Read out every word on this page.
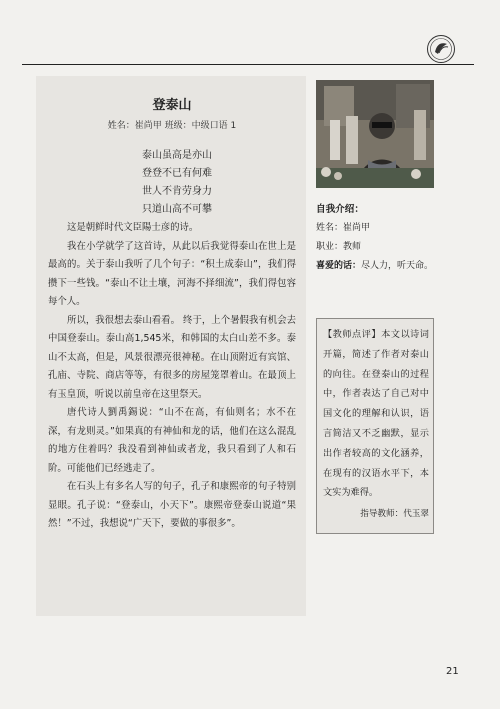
登泰山
姓名：崔尚甲 班级：中级口语 1
泰山虽高是亦山
登登不已有何难
世人不肯劳身力
只道山高不可攀

这是朝鲜时代文臣陽士彦的诗。

我在小学就学了这首诗，从此以后我觉得泰山在世上是最高的。关于泰山我听了几个句子：“积土成泰山”，我们得攒下一些钱。“泰山不让土壤，河海不择细流”，我们得包容每个人。

所以，我很想去泰山看看。 终于，上个暑假我有机会去中国登泰山。泰山高1,545米，和韩国的太白山差不多。泰山不太高，但是，风景很漂亮很神秘。在山顶附近有宾馆、孔庙、寺院、商店等等，有很多的房屋笼罩着山。在最顶上有玉皇顶，听说以前皇帝在这里祭天。

唐代诗人劉禹錫说：“山不在高，有仙则名；水不在深，有龙则灵。”如果真的有神仙和龙的话，他们在这么混乱的地方住着吗？我没看到神仙或者龙，我只看到了人和石阶。可能他们已经逃走了。

在石头上有多名人写的句子，孔子和康熙帝的句子特别显眼。孔子说：“登泰山，小天下”。康熙帝登泰山说道“果然！”不过，我想说“广天下，要做的事很多”。

自我介绍：
姓名：崔尚甲
职业：教师
喜爱的话：尽人力，听天命。
【教师点评】本文以诗词开篇，简述了作者对泰山的向往。在登泰山的过程中，作者表达了自己对中国文化的理解和认识，语言简洁又不乏幽默，显示出作者较高的文化涵养，在现有的汉语水平下，本文实为难得。
指导教师：代玉翠
21
